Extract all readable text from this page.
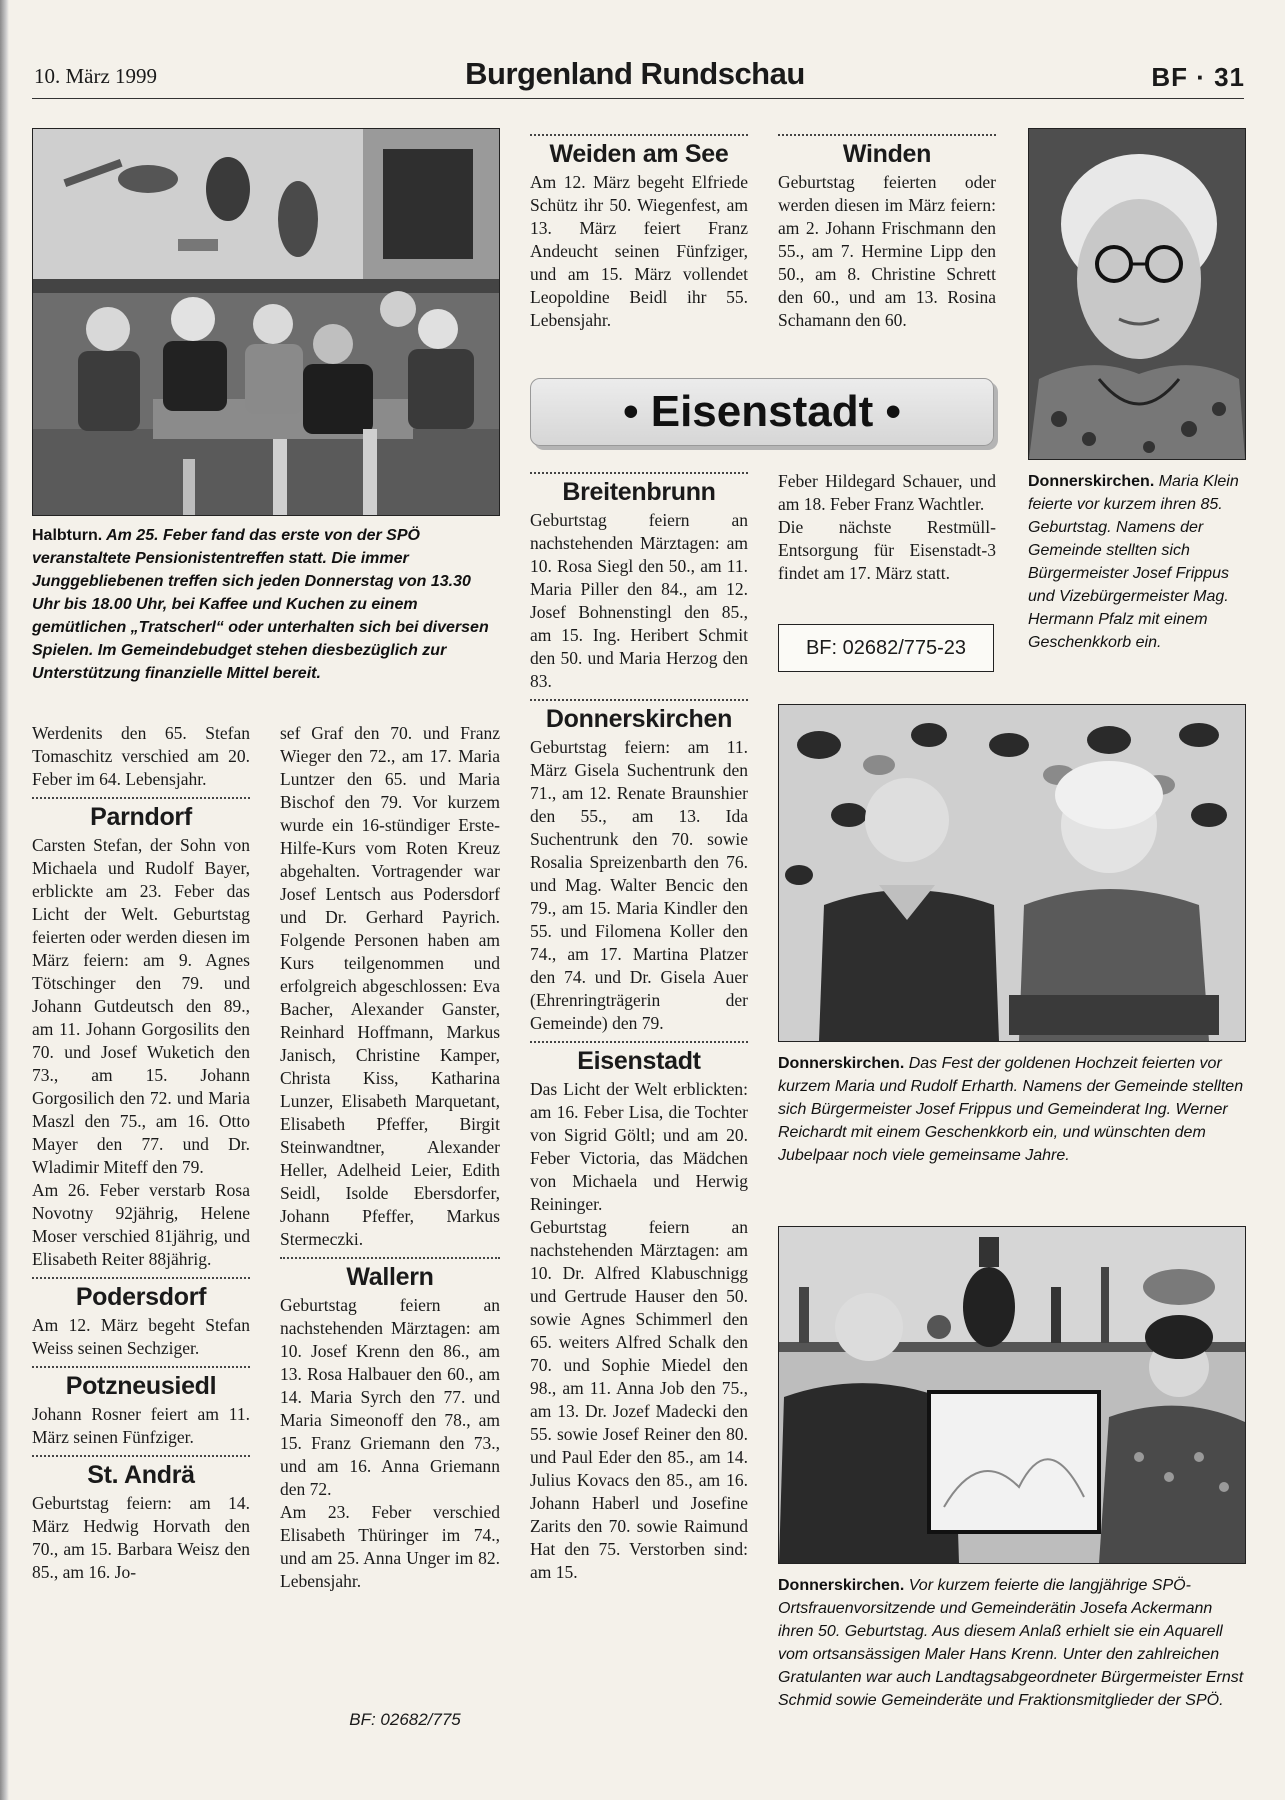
10. März 1999	Burgenland Rundschau	BF · 31
Halbturn. Am 25. Feber fand das erste von der SPÖ veranstaltete Pensionistentreffen statt. Die immer Junggebliebenen treffen sich jeden Donnerstag von 13.30 Uhr bis 18.00 Uhr, bei Kaffee und Kuchen zu einem gemütlichen „Tratscherl“ oder unterhalten sich bei diversen Spielen. Im Gemeindebudget stehen diesbezüglich zur Unterstützung finanzielle Mittel bereit.

Werdenits den 65. Stefan Tomaschitz verschied am 20. Feber im 64. Lebensjahr.

Parndorf

Carsten Stefan, der Sohn von Michaela und Rudolf Bayer, erblickte am 23. Feber das Licht der Welt. Geburtstag feierten oder werden diesen im März feiern: am 9. Agnes Tötschinger den 79. und Johann Gutdeutsch den 89., am 11. Johann Gorgosilits den 70. und Josef Wuketich den 73., am 15. Johann Gorgosilich den 72. und Maria Maszl den 75., am 16. Otto Mayer den 77. und Dr. Wladimir Miteff den 79.

Am 26. Feber verstarb Rosa Novotny 92jährig, Helene Moser verschied 81jährig, und Elisabeth Reiter 88jährig.

Podersdorf

Am 12. März begeht Stefan Weiss seinen Sechziger.

Potzneusiedl

Johann Rosner feiert am 11. März seinen Fünfziger.

St. Andrä

Geburtstag feiern: am 14. März Hedwig Horvath den 70., am 15. Barbara Weisz den 85., am 16. Jo-

sef Graf den 70. und Franz Wieger den 72., am 17. Maria Luntzer den 65. und Maria Bischof den 79. Vor kurzem wurde ein 16-stündiger Erste-Hilfe-Kurs vom Roten Kreuz abgehalten. Vortragender war Josef Lentsch aus Podersdorf und Dr. Gerhard Payrich. Folgende Personen haben am Kurs teilgenommen und erfolgreich abgeschlossen: Eva Bacher, Alexander Ganster, Reinhard Hoffmann, Markus Janisch, Christine Kamper, Christa Kiss, Katharina Lunzer, Elisabeth Marquetant, Elisabeth Pfeffer, Birgit Steinwandtner, Alexander Heller, Adelheid Leier, Edith Seidl, Isolde Ebersdorfer, Johann Pfeffer, Markus Stermeczki.

Wallern

Geburtstag feiern an nachstehenden Märztagen: am 10. Josef Krenn den 86., am 13. Rosa Halbauer den 60., am 14. Maria Syrch den 77. und Maria Simeonoff den 78., am 15. Franz Griemann den 73., und am 16. Anna Griemann den 72.

Am 23. Feber verschied Elisabeth Thüringer im 74., und am 25. Anna Unger im 82. Lebensjahr.

BF: 02682/775
Weiden am See

Am 12. März begeht Elfriede Schütz ihr 50. Wiegenfest, am 13. März feiert Franz Andeucht seinen Fünfziger, und am 15. März vollendet Leopoldine Beidl ihr 55. Lebensjahr.

Winden

Geburtstag feierten oder werden diesen im März feiern: am 2. Johann Frischmann den 55., am 7. Hermine Lipp den 50., am 8. Christine Schrett den 60., und am 13. Rosina Schamann den 60.

• Eisenstadt •
Donnerskirchen. Maria Klein feierte vor kurzem ihren 85. Geburtstag. Namens der Gemeinde stellten sich Bürgermeister Josef Frippus und Vizebürgermeister Mag. Hermann Pfalz mit einem Geschenkkorb ein.
Breitenbrunn

Geburtstag feiern an nachstehenden Märztagen: am 10. Rosa Siegl den 50., am 11. Maria Piller den 84., am 12. Josef Bohnenstingl den 85., am 15. Ing. Heribert Schmit den 50. und Maria Herzog den 83.

Donnerskirchen

Geburtstag feiern: am 11. März Gisela Suchentrunk den 71., am 12. Renate Braunshier den 55., am 13. Ida Suchentrunk den 70. sowie Rosalia Spreizenbarth den 76. und Mag. Walter Bencic den 79., am 15. Maria Kindler den 55. und Filomena Koller den 74., am 17. Martina Platzer den 74. und Dr. Gisela Auer (Ehrenringträgerin der Gemeinde) den 79.

Eisenstadt

Das Licht der Welt erblickten: am 16. Feber Lisa, die Tochter von Sigrid Göltl; und am 20. Feber Victoria, das Mädchen von Michaela und Herwig Reininger.

Geburtstag feiern an nachstehenden Märztagen: am 10. Dr. Alfred Klabuschnigg und Gertrude Hauser den 50. sowie Agnes Schimmerl den 65. weiters Alfred Schalk den 70. und Sophie Miedel den 98., am 11. Anna Job den 75., am 13. Dr. Jozef Madecki den 55. sowie Josef Reiner den 80. und Paul Eder den 85., am 14. Julius Kovacs den 85., am 16. Johann Haberl und Josefine Zarits den 70. sowie Raimund Hat den 75. Verstorben sind: am 15.

Feber Hildegard Schauer, und am 18. Feber Franz Wachtler.

Die nächste Restmüll-Entsorgung für Eisenstadt-3 findet am 17. März statt.

BF: 02682/775-23
Donnerskirchen. Das Fest der goldenen Hochzeit feierten vor kurzem Maria und Rudolf Erharth. Namens der Gemeinde stellten sich Bürgermeister Josef Frippus und Gemeinderat Ing. Werner Reichardt mit einem Geschenkkorb ein, und wünschten dem Jubelpaar noch viele gemeinsame Jahre.
Donnerskirchen. Vor kurzem feierte die langjährige SPÖ-Ortsfrauenvorsitzende und Gemeinderätin Josefa Ackermann ihren 50. Geburtstag. Aus diesem Anlaß erhielt sie ein Aquarell vom ortsansässigen Maler Hans Krenn. Unter den zahlreichen Gratulanten war auch Landtagsabgeordneter Bürgermeister Ernst Schmid sowie Gemeinderäte und Fraktionsmitglieder der SPÖ.
